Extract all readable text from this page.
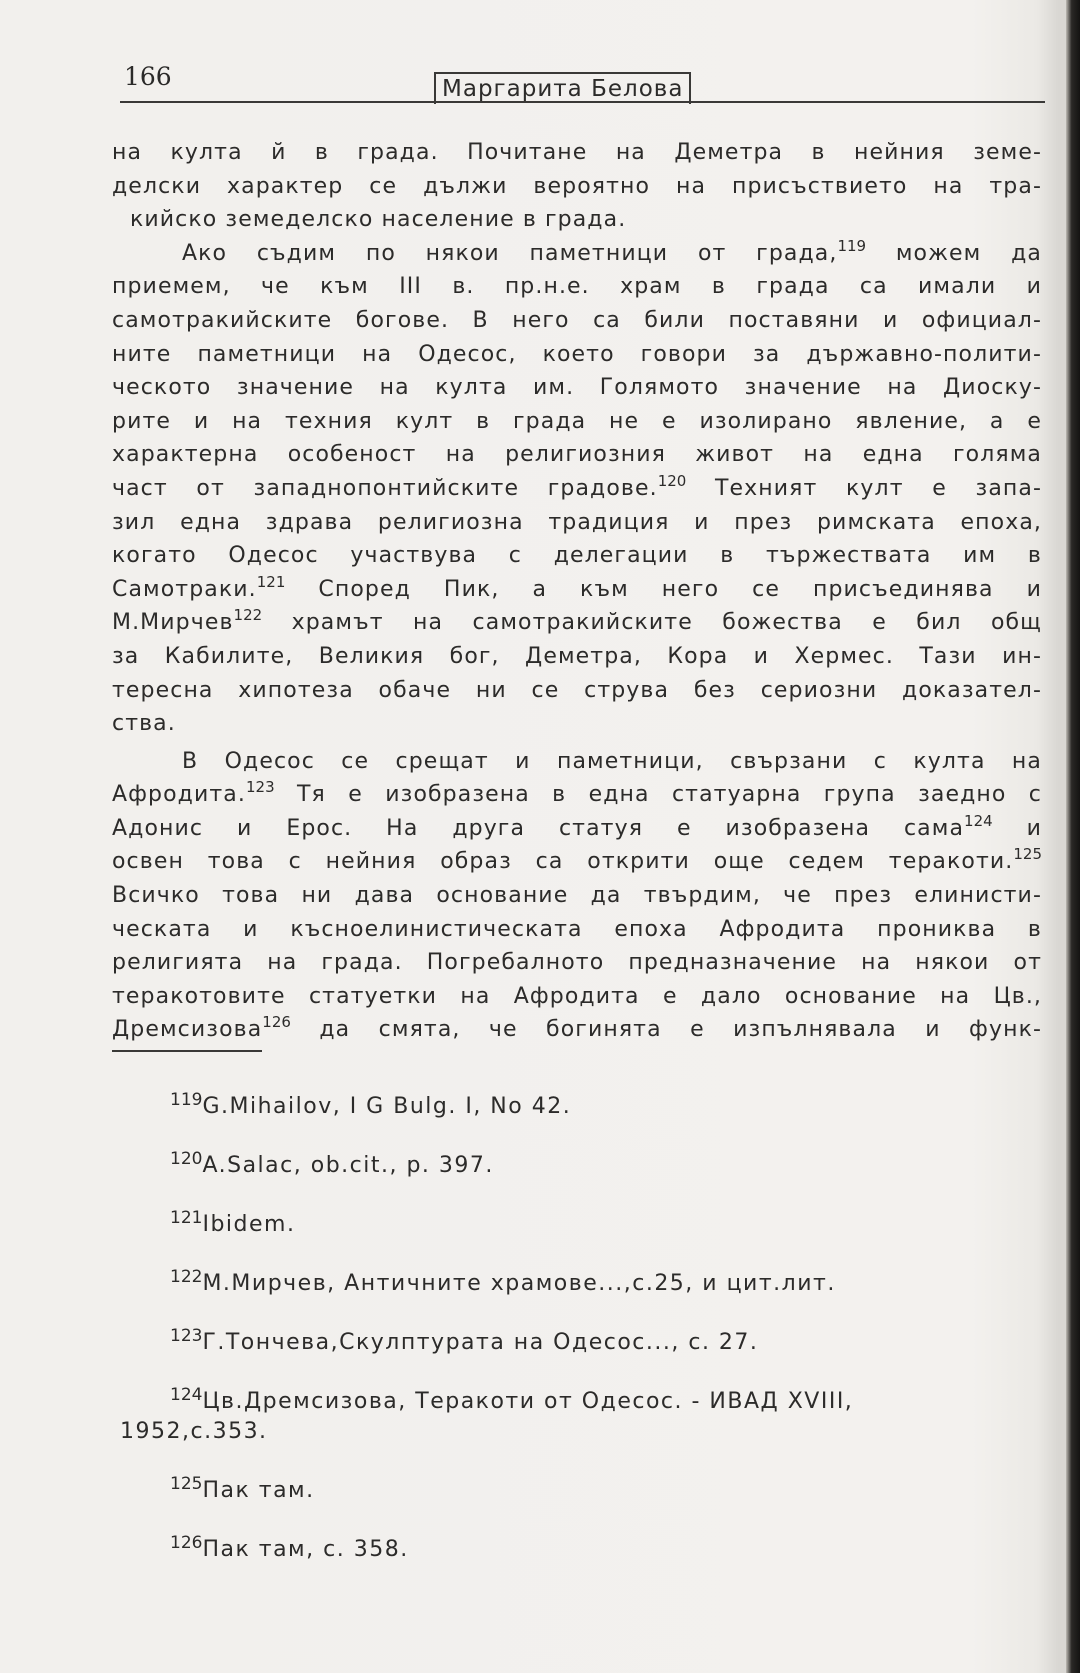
166	Маргарита Белова
на култа й в града. Почитане на Деметра в нейния земе-
делски характер се дължи вероятно на присъствието на тра-
кийско земеделско население в града.
Ако съдим по някои паметници от града,$^{119}$ можем да
приемем, че към III в. пр.н.е. храм в града са имали и
самотракийските богове. В него са били поставяни и официал-
ните паметници на Одесос, което говори за държавно-полити-
ческото значение на култа им. Голямото значение на Диоску-
рите и на техния култ в града не е изолирано явление, а е
характерна особеност на религиозния живот на една голяма
част от западнопонтийските градове.$^{120}$ Техният култ е запа-
зил една здрава религиозна традиция и през римската епоха,
когато Одесос участвува с делегации в тържествата им в
Самотраки.$^{121}$ Според Пик, а към него се присъединява и
М.Мирчев$^{122}$ храмът на самотракийските божества е бил общ
за Кабилите, Великия бог, Деметра, Кора и Хермес. Тази ин-
тересна хипотеза обаче ни се струва без сериозни доказател-
ства.
В Одесос се срещат и паметници, свързани с култа на
Афродита.$^{123}$ Тя е изобразена в една статуарна група заедно с
Адонис и Ерос. На друга статуя е изобразена сама$^{124}$ и
освен това с нейния образ са открити още седем теракоти.$^{125}$
Всичко това ни дава основание да твърдим, че през елинисти-
ческата и късноелинистическата епоха Афродита прониква в
религията на града. Погребалното предназначение на някои от
теракотовите статуетки на Афродита е дало основание на Цв.,
Дремсизова$^{126}$ да смята, че богинята е изпълнявала и функ-
$^{119}$G.Mihailov, I G Bulg. I, No 42.
$^{120}$A.Salac, ob.cit., p. 397.
$^{121}$Ibidem.
$^{122}$М.Мирчев, Античните храмове...,с.25, и цит.лит.
$^{123}$Г.Тончева,Скулптурата на Одесос..., с. 27.
$^{124}$Цв.Дремсизова, Теракоти от Одесос. - ИВАД XVIII,
1952,с.353.
$^{125}$Пак там.
$^{126}$Пак там, с. 358.
